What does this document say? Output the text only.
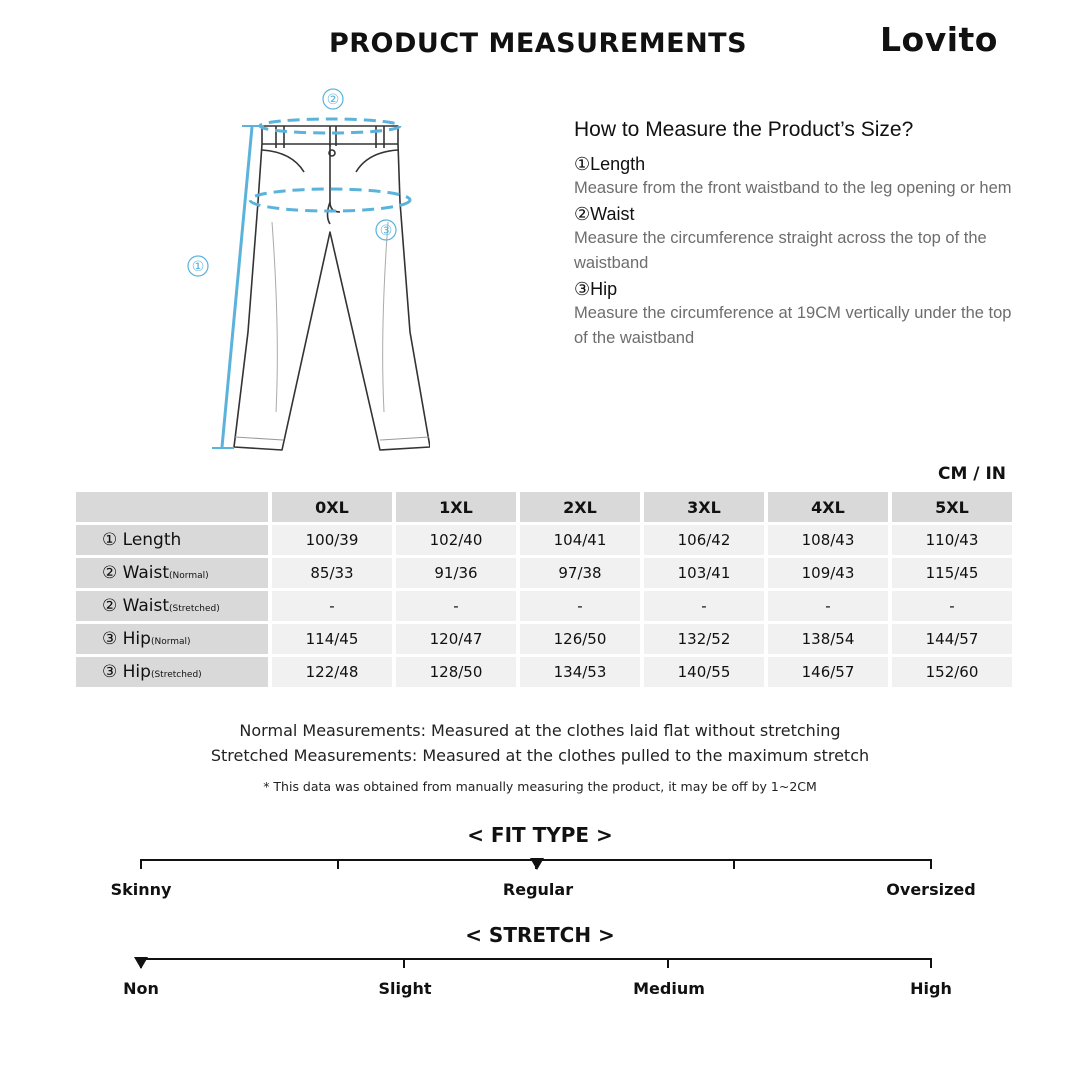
PRODUCT MEASUREMENTS	Lovito
②
①
③
How to Measure the Product’s Size?

①Length

Measure from the front waistband to the leg opening or hem

②Waist

Measure the circumference straight across the top of the waistband

③Hip

Measure the circumference at 19CM vertically under the top of the waistband

CM / IN
	0XL	1XL	2XL	3XL	4XL	5XL
① Length	100/39	102/40	104/41	106/42	108/43	110/43
② Waist(Normal)	85/33	91/36	97/38	103/41	109/43	115/45
② Waist(Stretched)	-	-	-	-	-	-
③ Hip(Normal)	114/45	120/47	126/50	132/52	138/54	144/57
③ Hip(Stretched)	122/48	128/50	134/53	140/55	146/57	152/60

Normal Measurements: Measured at the clothes laid flat without stretching

Stretched Measurements: Measured at the clothes pulled to the maximum stretch

* This data was obtained from manually measuring the product, it may be off by 1~2CM

< FIT TYPE >
Skinny	Regular	Oversized
< STRETCH >
Non	Slight	Medium	High
